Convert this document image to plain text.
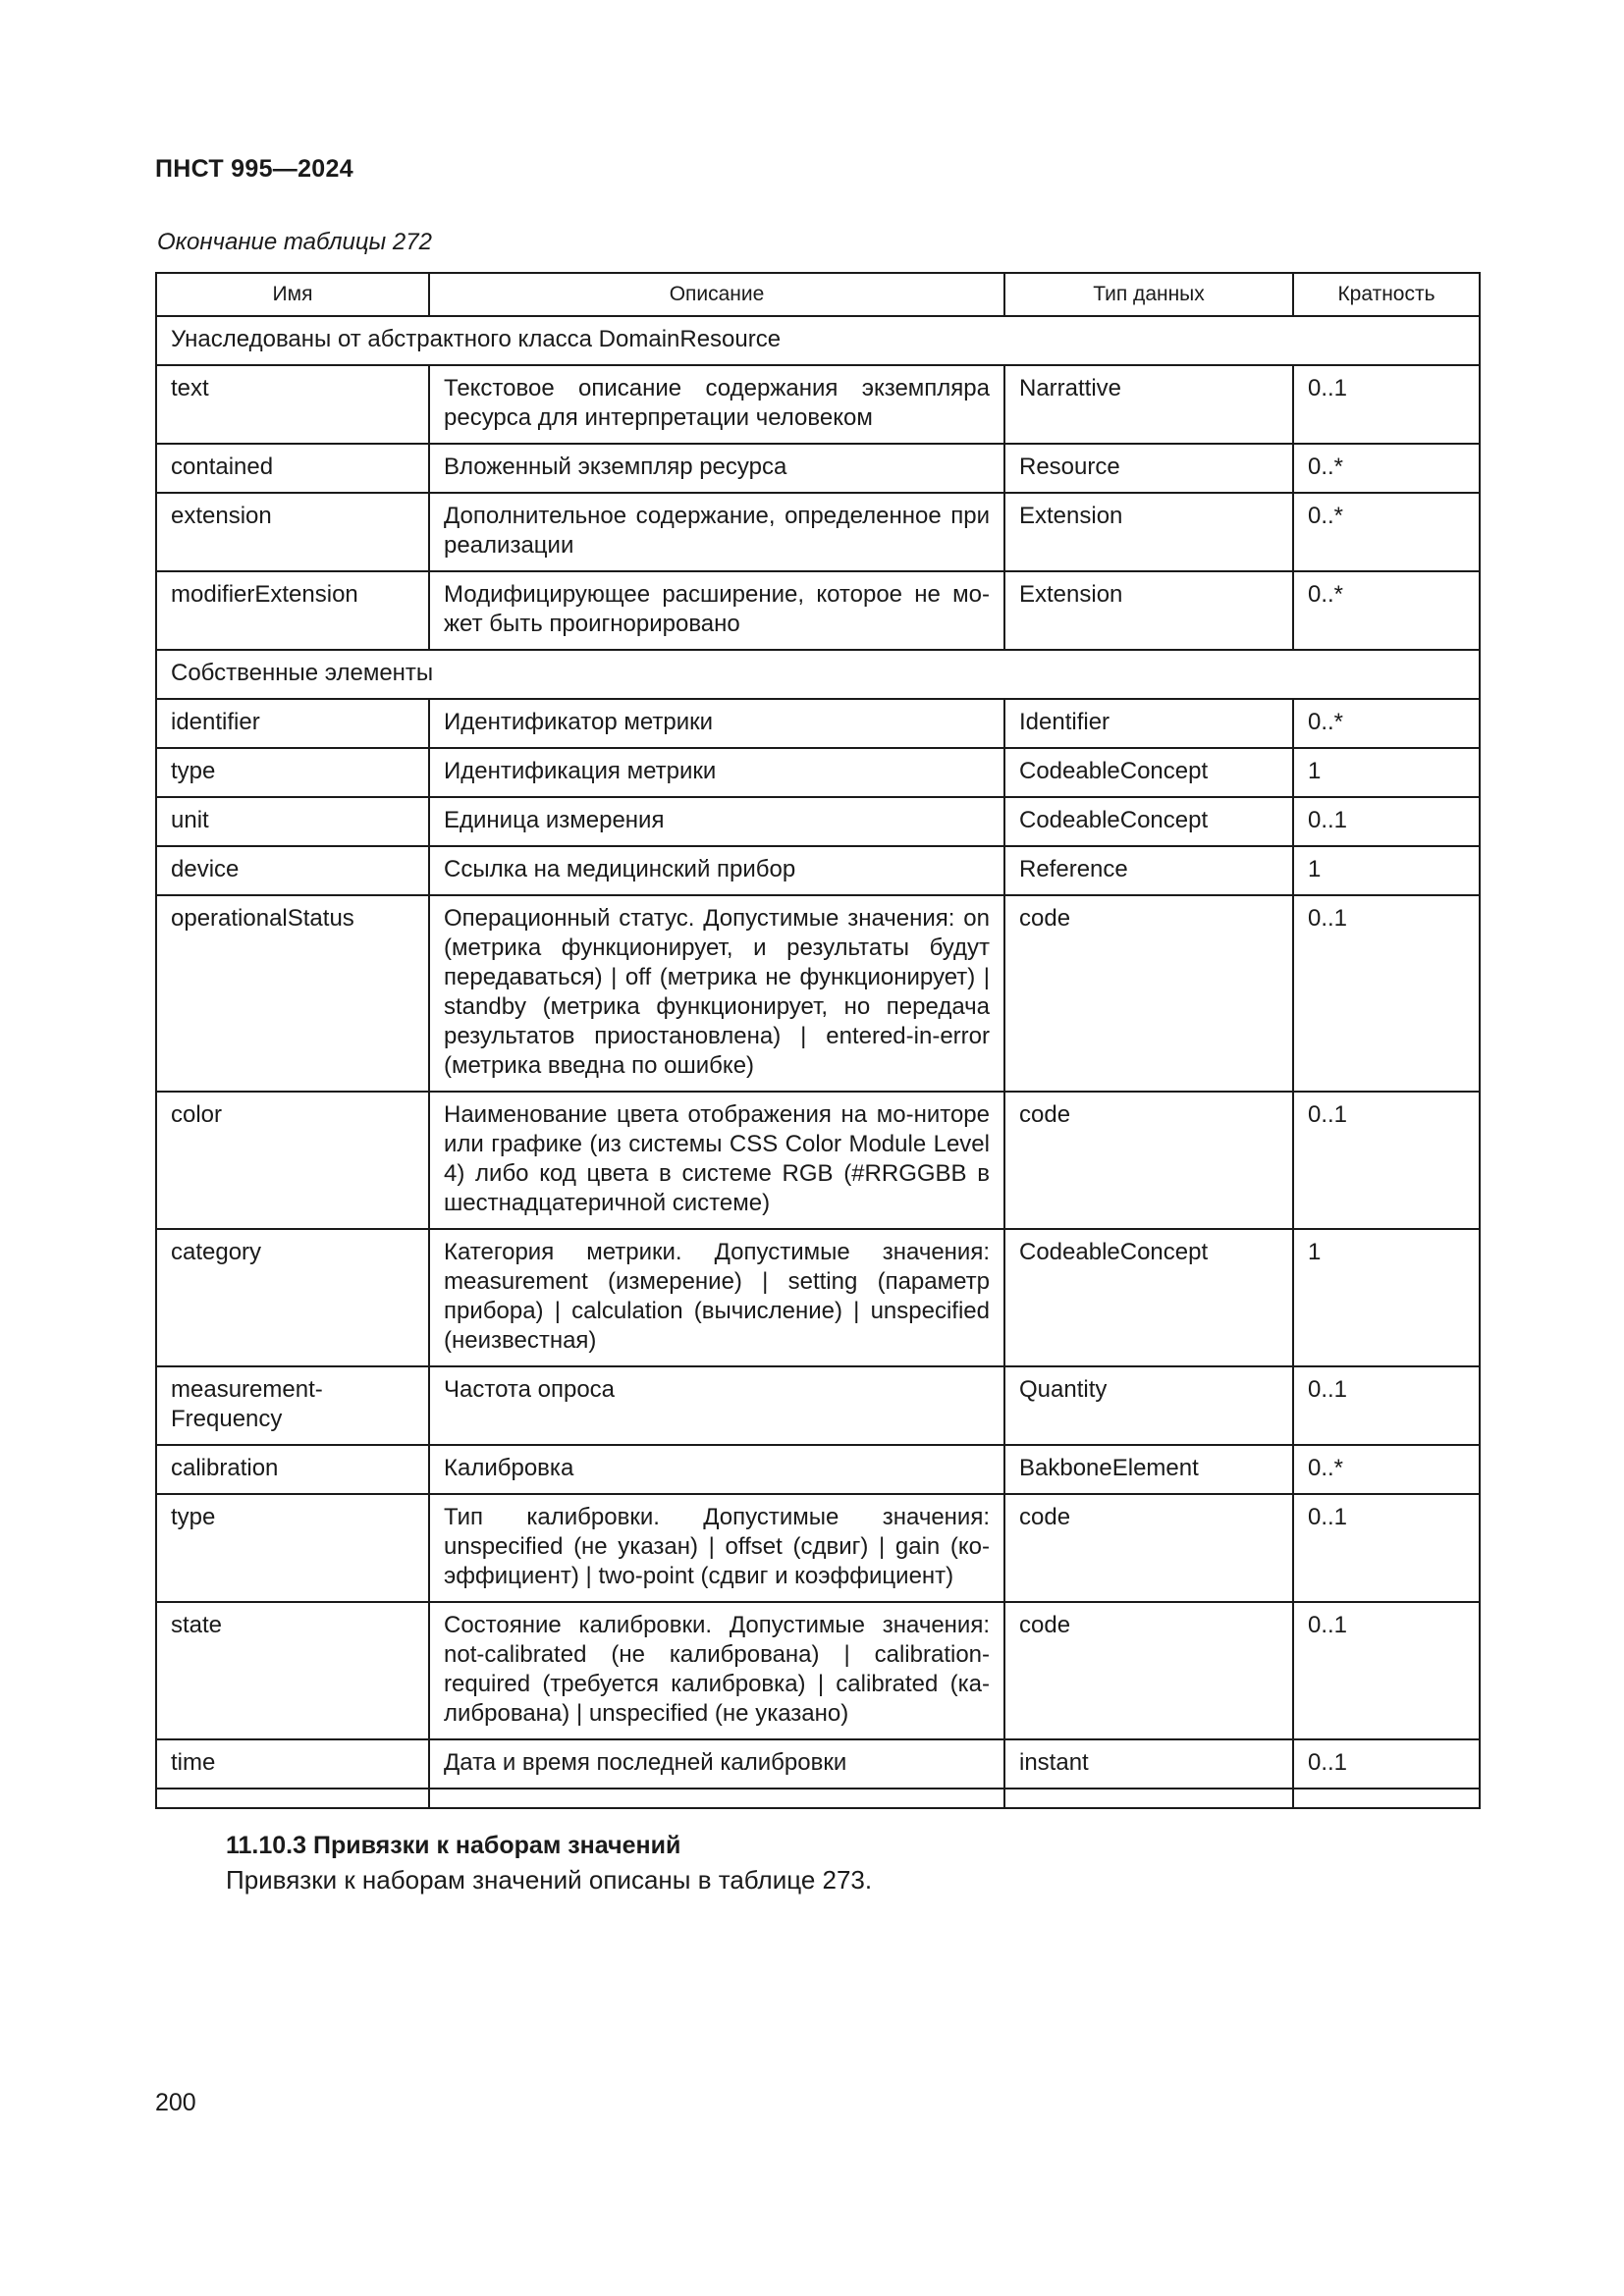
ПНСТ 995—2024
Окончание таблицы 272
Имя	Описание	Тип данных	Кратность
Унаследованы от абстрактного класса DomainResource			
text	Текстовое описание содержания экземпляра ресурса для интерпретации человеком	Narrattive	0..1
contained	Вложенный экземпляр ресурса	Resource	0..*
extension	Дополнительное содержание, определенное при реализации	Extension	0..*
modifierExtension	Модифицирующее расширение, которое не мо-жет быть проигнорировано	Extension	0..*
Собственные элементы			
identifier	Идентификатор метрики	Identifier	0..*
type	Идентификация метрики	CodeableConcept	1
unit	Единица измерения	CodeableConcept	0..1
device	Ссылка на медицинский прибор	Reference	1
operationalStatus	Операционный статус. Допустимые значения: on (метрика функционирует, и результаты будут передаваться) | off (метрика не функционирует) | standby (метрика функционирует, но передача результатов приостановлена) | entered-in-error (метрика введна по ошибке)	code	0..1
color	Наименование цвета отображения на мо-ниторе или графике (из системы CSS Color Module Level 4) либо код цвета в системе RGB (#RRGGBB в шестнадцатеричной системе)	code	0..1
category	Категория метрики. Допустимые значения: measurement (измерение) | setting (параметр прибора) | calculation (вычисление) | unspecified (неизвестная)	CodeableConcept	1
measurement-Frequency	Частота опроса	Quantity	0..1
calibration	Калибровка	BakboneElement	0..*
type	Тип калибровки. Допустимые значения: unspecified (не указан) | offset (сдвиг) | gain (ко-эффициент) | two-point (сдвиг и коэффициент)	code	0..1
state	Состояние калибровки. Допустимые значения: not-calibrated (не калибрована) | calibration-required (требуется калибровка) | calibrated (ка-либрована) | unspecified (не указано)	code	0..1
time	Дата и время последней калибровки	instant	0..1

11.10.3 Привязки к наборам значений
Привязки к наборам значений описаны в таблице 273.
200
